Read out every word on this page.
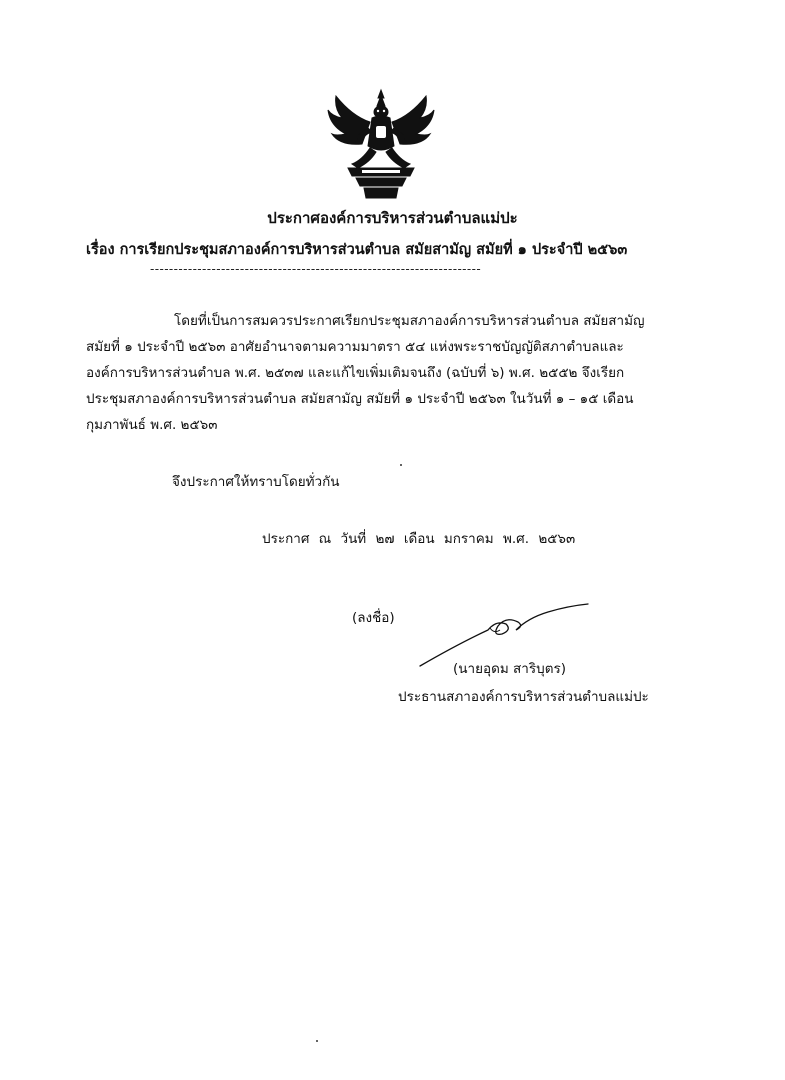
ประกาศองค์การบริหารส่วนตำบลแม่ปะ
เรื่อง การเรียกประชุมสภาองค์การบริหารส่วนตำบล สมัยสามัญ สมัยที่ ๑ ประจำปี ๒๕๖๓
----------------------------------------------------------------------
โดยที่เป็นการสมควรประกาศเรียกประชุมสภาองค์การบริหารส่วนตำบล สมัยสามัญ
สมัยที่ ๑ ประจำปี ๒๕๖๓ อาศัยอำนาจตามความมาตรา ๕๔ แห่งพระราชบัญญัติสภาตำบลและ
องค์การบริหารส่วนตำบล พ.ศ. ๒๕๓๗ และแก้ไขเพิ่มเติมจนถึง (ฉบับที่ ๖) พ.ศ. ๒๕๕๒ จึงเรียก
ประชุมสภาองค์การบริหารส่วนตำบล สมัยสามัญ สมัยที่ ๑ ประจำปี ๒๕๖๓ ในวันที่ ๑ – ๑๕ เดือน
กุมภาพันธ์ พ.ศ. ๒๕๖๓
จึงประกาศให้ทราบโดยทั่วกัน
ประกาศ ณ วันที่ ๒๗ เดือน มกราคม พ.ศ. ๒๕๖๓
(ลงชื่อ)
(นายอุดม สาริบุตร)
ประธานสภาองค์การบริหารส่วนตำบลแม่ปะ
